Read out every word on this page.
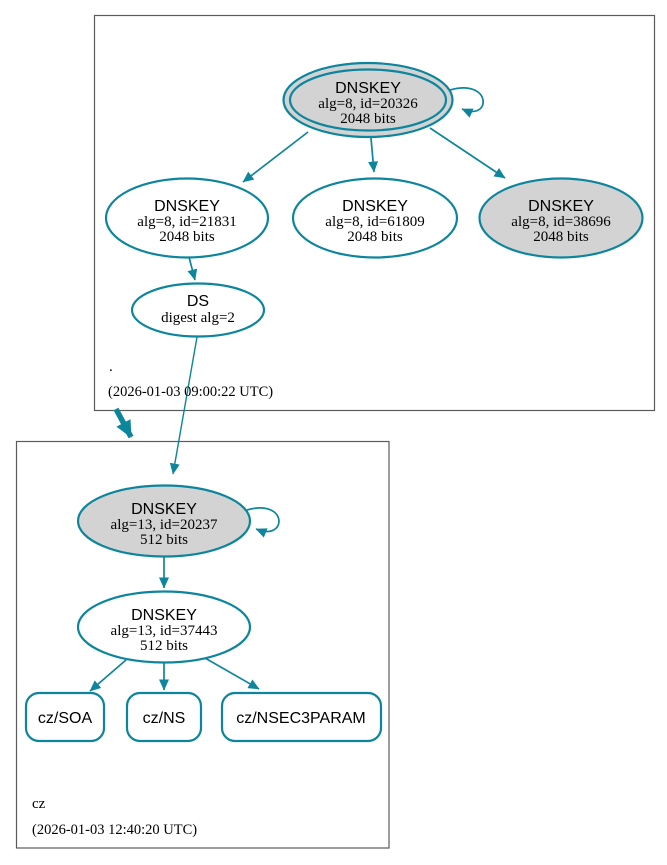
DNSKEY
alg=8, id=20326
2048 bits
DNSKEY
alg=8, id=21831
2048 bits
DNSKEY
alg=8, id=61809
2048 bits
DNSKEY
alg=8, id=38696
2048 bits
DS
digest alg=2
.
(2026-01-03 09:00:22 UTC)
DNSKEY
alg=13, id=20237
512 bits
DNSKEY
alg=13, id=37443
512 bits
cz/SOA	cz/NS	cz/NSEC3PARAM
cz
(2026-01-03 12:40:20 UTC)
